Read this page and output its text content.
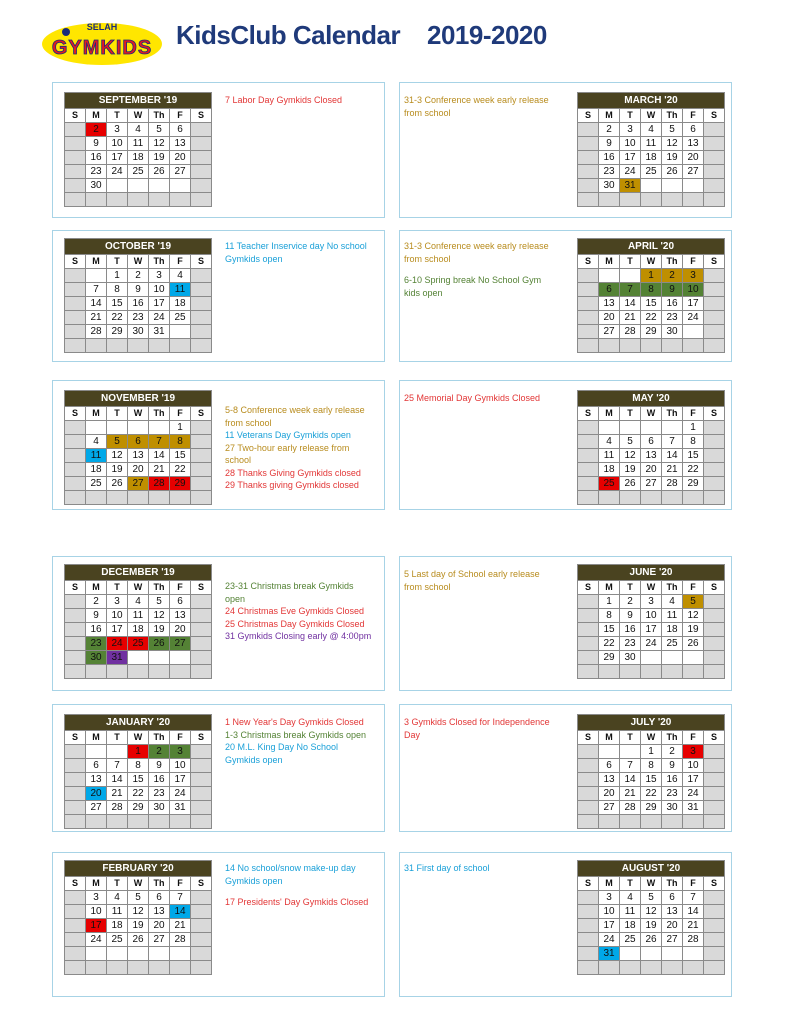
SELAH
GYMKIDS KidsClub Calendar    2019-2020
SEPTEMBER '19						
S	M	T	W	Th	F	S
	2	3	4	5	6	
	9	10	11	12	13	
	16	17	18	19	20	
	23	24	25	26	27	
	30					

7 Labor Day Gymkids Closed	MARCH '20						
S	M	T	W	Th	F	S
	2	3	4	5	6	
	9	10	11	12	13	
	16	17	18	19	20	
	23	24	25	26	27	
	30	31				

31-3 Conference week early release from school

OCTOBER '19						
S	M	T	W	Th	F	S
		1	2	3	4	
	7	8	9	10	11	
	14	15	16	17	18	
	21	22	23	24	25	
	28	29	30	31		

11 Teacher Inservice day No school Gymkids open

APRIL '20						
S	M	T	W	Th	F	S
			1	2	3	
	6	7	8	9	10	
	13	14	15	16	17	
	20	21	22	23	24	
	27	28	29	30		

31-3 Conference week early release from school

6-10 Spring break No School Gym kids open

NOVEMBER '19						
S	M	T	W	Th	F	S
					1	
	4	5	6	7	8	
	11	12	13	14	15	
	18	19	20	21	22	
	25	26	27	28	29	

5-8 Conference week early release from school

11 Veterans Day Gymkids open

27 Two-hour early release from school

28 Thanks Giving Gymkids closed

29 Thanks giving Gymkids closed

MAY '20						
S	M	T	W	Th	F	S
					1	
	4	5	6	7	8	
	11	12	13	14	15	
	18	19	20	21	22	
	25	26	27	28	29	

25 Memorial Day Gymkids Closed

DECEMBER '19						
S	M	T	W	Th	F	S
	2	3	4	5	6	
	9	10	11	12	13	
	16	17	18	19	20	
	23	24	25	26	27	
	30	31				

23-31 Christmas break Gymkids open

24 Christmas Eve Gymkids Closed

25 Christmas Day Gymkids Closed

31 Gymkids Closing early @ 4:00pm

JUNE '20						
S	M	T	W	Th	F	S
	1	2	3	4	5	
	8	9	10	11	12	
	15	16	17	18	19	
	22	23	24	25	26	
	29	30				

5 Last day of School early release from school

JANUARY '20						
S	M	T	W	Th	F	S
			1	2	3	
	6	7	8	9	10	
	13	14	15	16	17	
	20	21	22	23	24	
	27	28	29	30	31	

1 New Year's Day Gymkids Closed

1-3 Christmas break Gymkids open

20 M.L. King Day No School Gymkids open

JULY '20						
S	M	T	W	Th	F	S
			1	2	3	
	6	7	8	9	10	
	13	14	15	16	17	
	20	21	22	23	24	
	27	28	29	30	31	

3 Gymkids Closed for Independence Day

FEBRUARY '20						
S	M	T	W	Th	F	S
	3	4	5	6	7	
	10	11	12	13	14	
	17	18	19	20	21	
	24	25	26	27	28	

14 No school/snow make-up day Gymkids open

17 Presidents' Day Gymkids Closed

AUGUST '20						
S	M	T	W	Th	F	S
	3	4	5	6	7	
	10	11	12	13	14	
	17	18	19	20	21	
	24	25	26	27	28	
	31					

31 First day of school
